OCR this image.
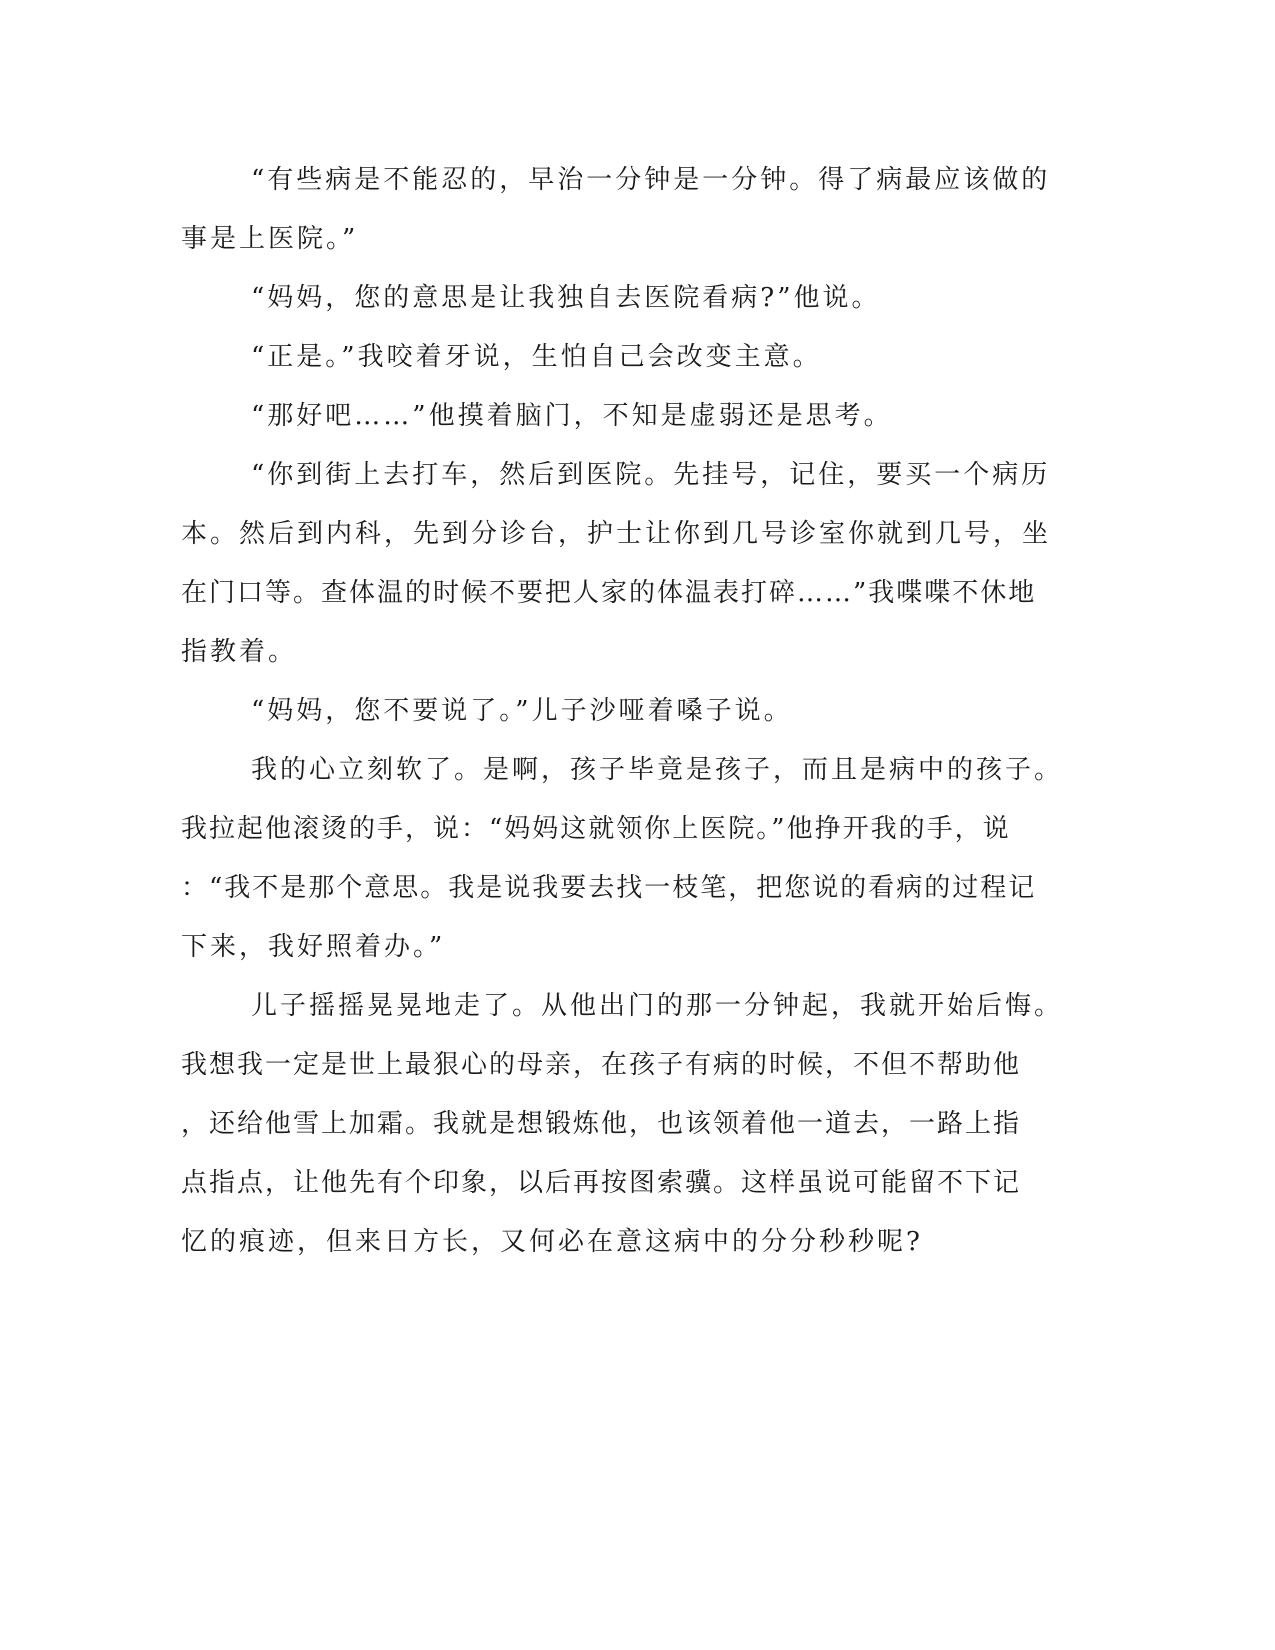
“有些病是不能忍的，早治一分钟是一分钟。得了病最应该做的

事是上医院。”

“妈妈，您的意思是让我独自去医院看病?”他说。

“正是。”我咬着牙说，生怕自己会改变主意。

“那好吧……”他摸着脑门，不知是虚弱还是思考。

“你到街上去打车，然后到医院。先挂号，记住，要买一个病历

本。然后到内科，先到分诊台，护士让你到几号诊室你就到几号，坐

在门口等。查体温的时候不要把人家的体温表打碎……”我喋喋不休地

指教着。

“妈妈，您不要说了。”儿子沙哑着嗓子说。

我的心立刻软了。是啊，孩子毕竟是孩子，而且是病中的孩子。

我拉起他滚烫的手，说：“妈妈这就领你上医院。”他挣开我的手，说

：“我不是那个意思。我是说我要去找一枝笔，把您说的看病的过程记

下来，我好照着办。”

儿子摇摇晃晃地走了。从他出门的那一分钟起，我就开始后悔。

我想我一定是世上最狠心的母亲，在孩子有病的时候，不但不帮助他

，还给他雪上加霜。我就是想锻炼他，也该领着他一道去，一路上指

点指点，让他先有个印象，以后再按图索骥。这样虽说可能留不下记

忆的痕迹，但来日方长，又何必在意这病中的分分秒秒呢?
